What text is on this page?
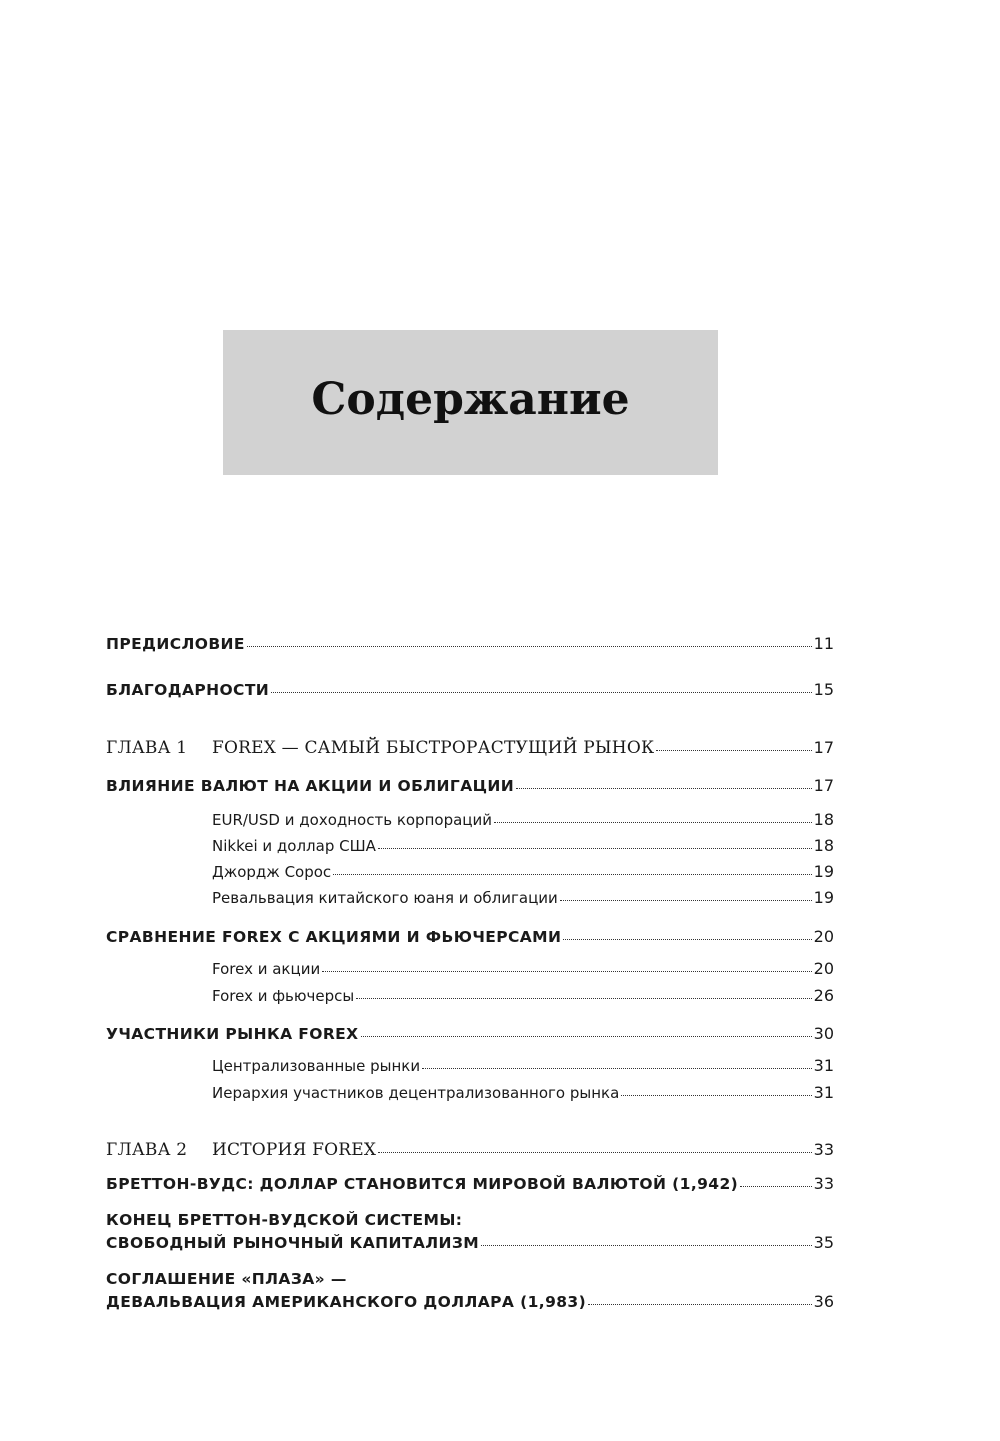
Содержание
ПРЕДИСЛОВИЕ	11
БЛАГОДАРНОСТИ	15
ГЛАВА 1 FOREX — САМЫЙ БЫСТРОРАСТУЩИЙ РЫНОК	17
ВЛИЯНИЕ ВАЛЮТ НА АКЦИИ И ОБЛИГАЦИИ	17
EUR/USD и доходность корпораций	18
Nikkei и доллар США	18
Джордж Сорос	19
Ревальвация китайского юаня и облигации	19
СРАВНЕНИЕ FOREX С АКЦИЯМИ И ФЬЮЧЕРСАМИ	20
Forex и акции	20
Forex и фьючерсы	26
УЧАСТНИКИ РЫНКА FOREX	30
Централизованные рынки	31
Иерархия участников децентрализованного рынка	31
ГЛАВА 2 ИСТОРИЯ FOREX	33
БРЕТТОН-ВУДС: ДОЛЛАР СТАНОВИТСЯ МИРОВОЙ ВАЛЮТОЙ (1,942)	33
КОНЕЦ БРЕТТОН-ВУДСКОЙ СИСТЕМЫ:
СВОБОДНЫЙ РЫНОЧНЫЙ КАПИТАЛИЗМ	35
СОГЛАШЕНИЕ «ПЛАЗА» —
ДЕВАЛЬВАЦИЯ АМЕРИКАНСКОГО ДОЛЛАРА (1,983)	36
